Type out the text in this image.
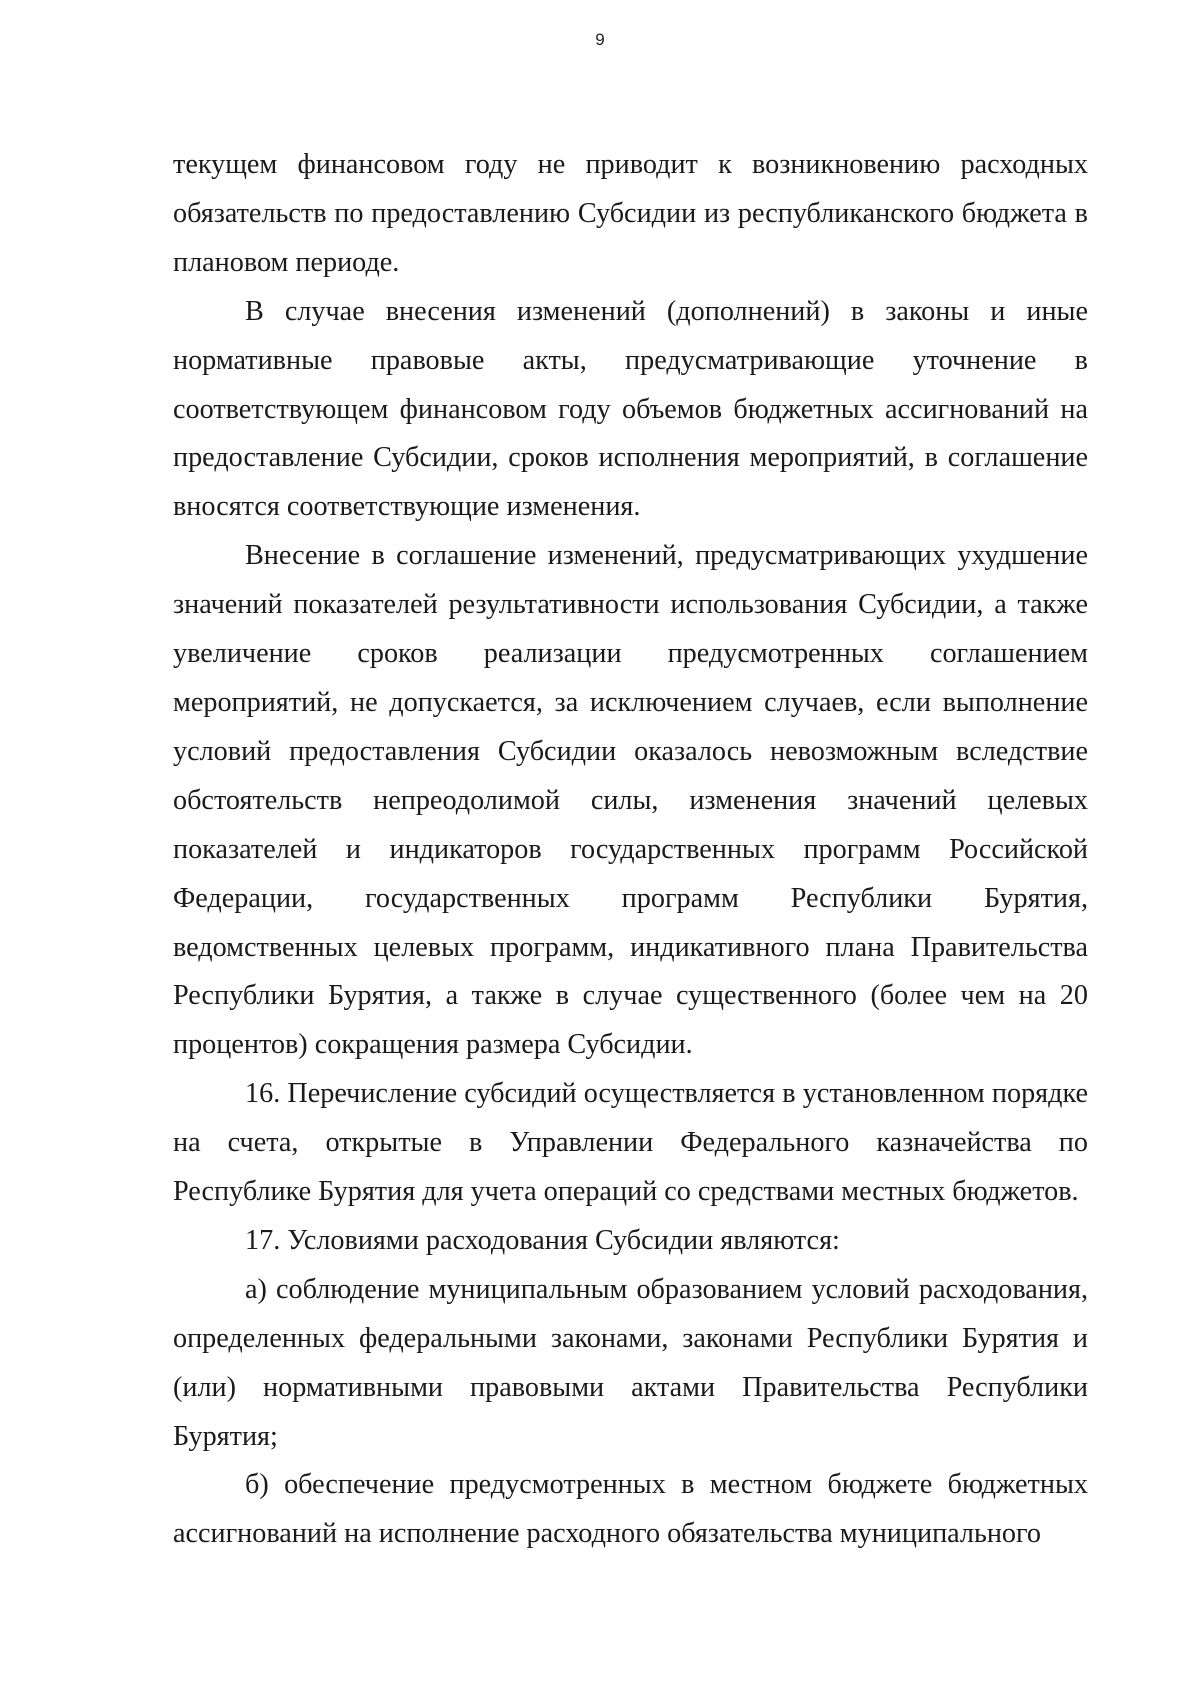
9

текущем финансовом году не приводит к возникновению расходных обязательств по предоставлению Субсидии из республиканского бюджета в плановом периоде.

В случае внесения изменений (дополнений) в законы и иные нормативные правовые акты, предусматривающие уточнение в соответствующем финансовом году объемов бюджетных ассигнований на предоставление Субсидии, сроков исполнения мероприятий, в соглашение вносятся соответствующие изменения.

Внесение в соглашение изменений, предусматривающих ухудшение значений показателей результативности использования Субсидии, а также увеличение сроков реализации предусмотренных соглашением мероприятий, не допускается, за исключением случаев, если выполнение условий предоставления Субсидии оказалось невозможным вследствие обстоятельств непреодолимой силы, изменения значений целевых показателей и индикаторов государственных программ Российской Федерации, государственных программ Республики Бурятия, ведомственных целевых программ, индикативного плана Правительства Республики Бурятия, а также в случае существенного (более чем на 20 процентов) сокращения размера Субсидии.

16. Перечисление субсидий осуществляется в установленном порядке на счета, открытые в Управлении Федерального казначейства по Республике Бурятия для учета операций со средствами местных бюджетов.

17. Условиями расходования Субсидии являются:

а) соблюдение муниципальным образованием условий расходования, определенных федеральными законами, законами Республики Бурятия и (или) нормативными правовыми актами Правительства Республики Бурятия;

б) обеспечение предусмотренных в местном бюджете бюджетных ассигнований на исполнение расходного обязательства муниципального
